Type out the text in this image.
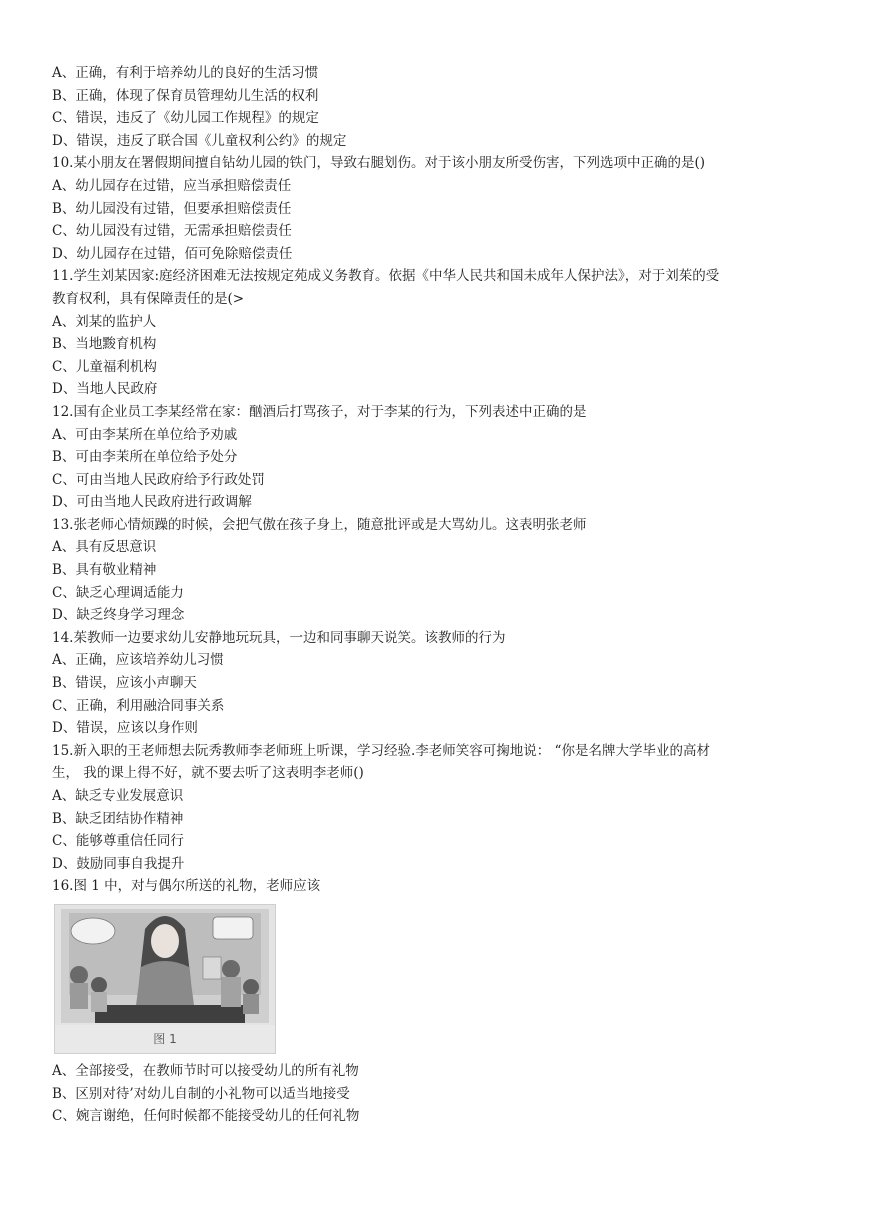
A、正确，有利于培养幼儿的良好的生活习惯
B、正确，体现了保育员管理幼儿生活的权利
C、错误，违反了《幼儿园工作规程》的规定
D、错误，违反了联合国《儿童权利公约》的规定
10.某小朋友在署假期间擅自钻幼儿园的铁门，导致右腿划伤。对于该小朋友所受伤害，下列选项中正确的是()
A、幼儿园存在过错，应当承担赔偿责任
B、幼儿园没有过错，但要承担赔偿责任
C、幼儿园没有过错，无需承担赔偿责任
D、幼儿园存在过错，佰可免除赔偿责任
11.学生刘某因家:庭经济困难无法按规定苑成义务教育。依据《中华人民共和国未成年人保护法》，对于刘茱的受
教育权利，具有保障责任的是(>
A、刘某的监护人
B、当地黢育机构
C、儿童福利机构
D、当地人民政府
12.国有企业员工李某经常在家：酗酒后打骂孩子，对于李某的行为，下列表述中正确的是
A、可由李某所在单位给予劝戚
B、可由李茉所在单位给予处分
C、可由当地人民政府给予行政处罚
D、可由当地人民政府进行政调解
13.张老师心情烦躁的时候，会把气傲在孩子身上，随意批评或是大骂幼儿。这表明张老师
A、具有反思意识
B、具有敬业精神
C、缺乏心理调适能力
D、缺乏终身学习理念
14.茱教师一边要求幼儿安静地玩玩具，一边和同事聊天说笑。该教师的行为
A、正确，应该培养幼儿习惯
B、错误，应该小声聊天
C、正确，利用融洽同事关系
D、错误，应该以身作则
15.新入职的王老师想去阮秀教师李老师班上听课，学习经验.李老师笑容可掬地说： “你是名牌大学毕业的高材
生， 我的课上得不好，就不要去听了这表明李老师()
A、缺乏专业发展意识
B、缺乏团结协作精神
C、能够尊重信任同行
D、鼓励同事自我提升
16.图 1 中，对与偶尔所送的礼物，老师应该
图 1
A、全部接受，在教师节时可以接受幼儿的所有礼物
B、区别对待’对幼儿自制的小礼物可以适当地接受
C、婉言谢绝，任何时候都不能接受幼儿的任何礼物
